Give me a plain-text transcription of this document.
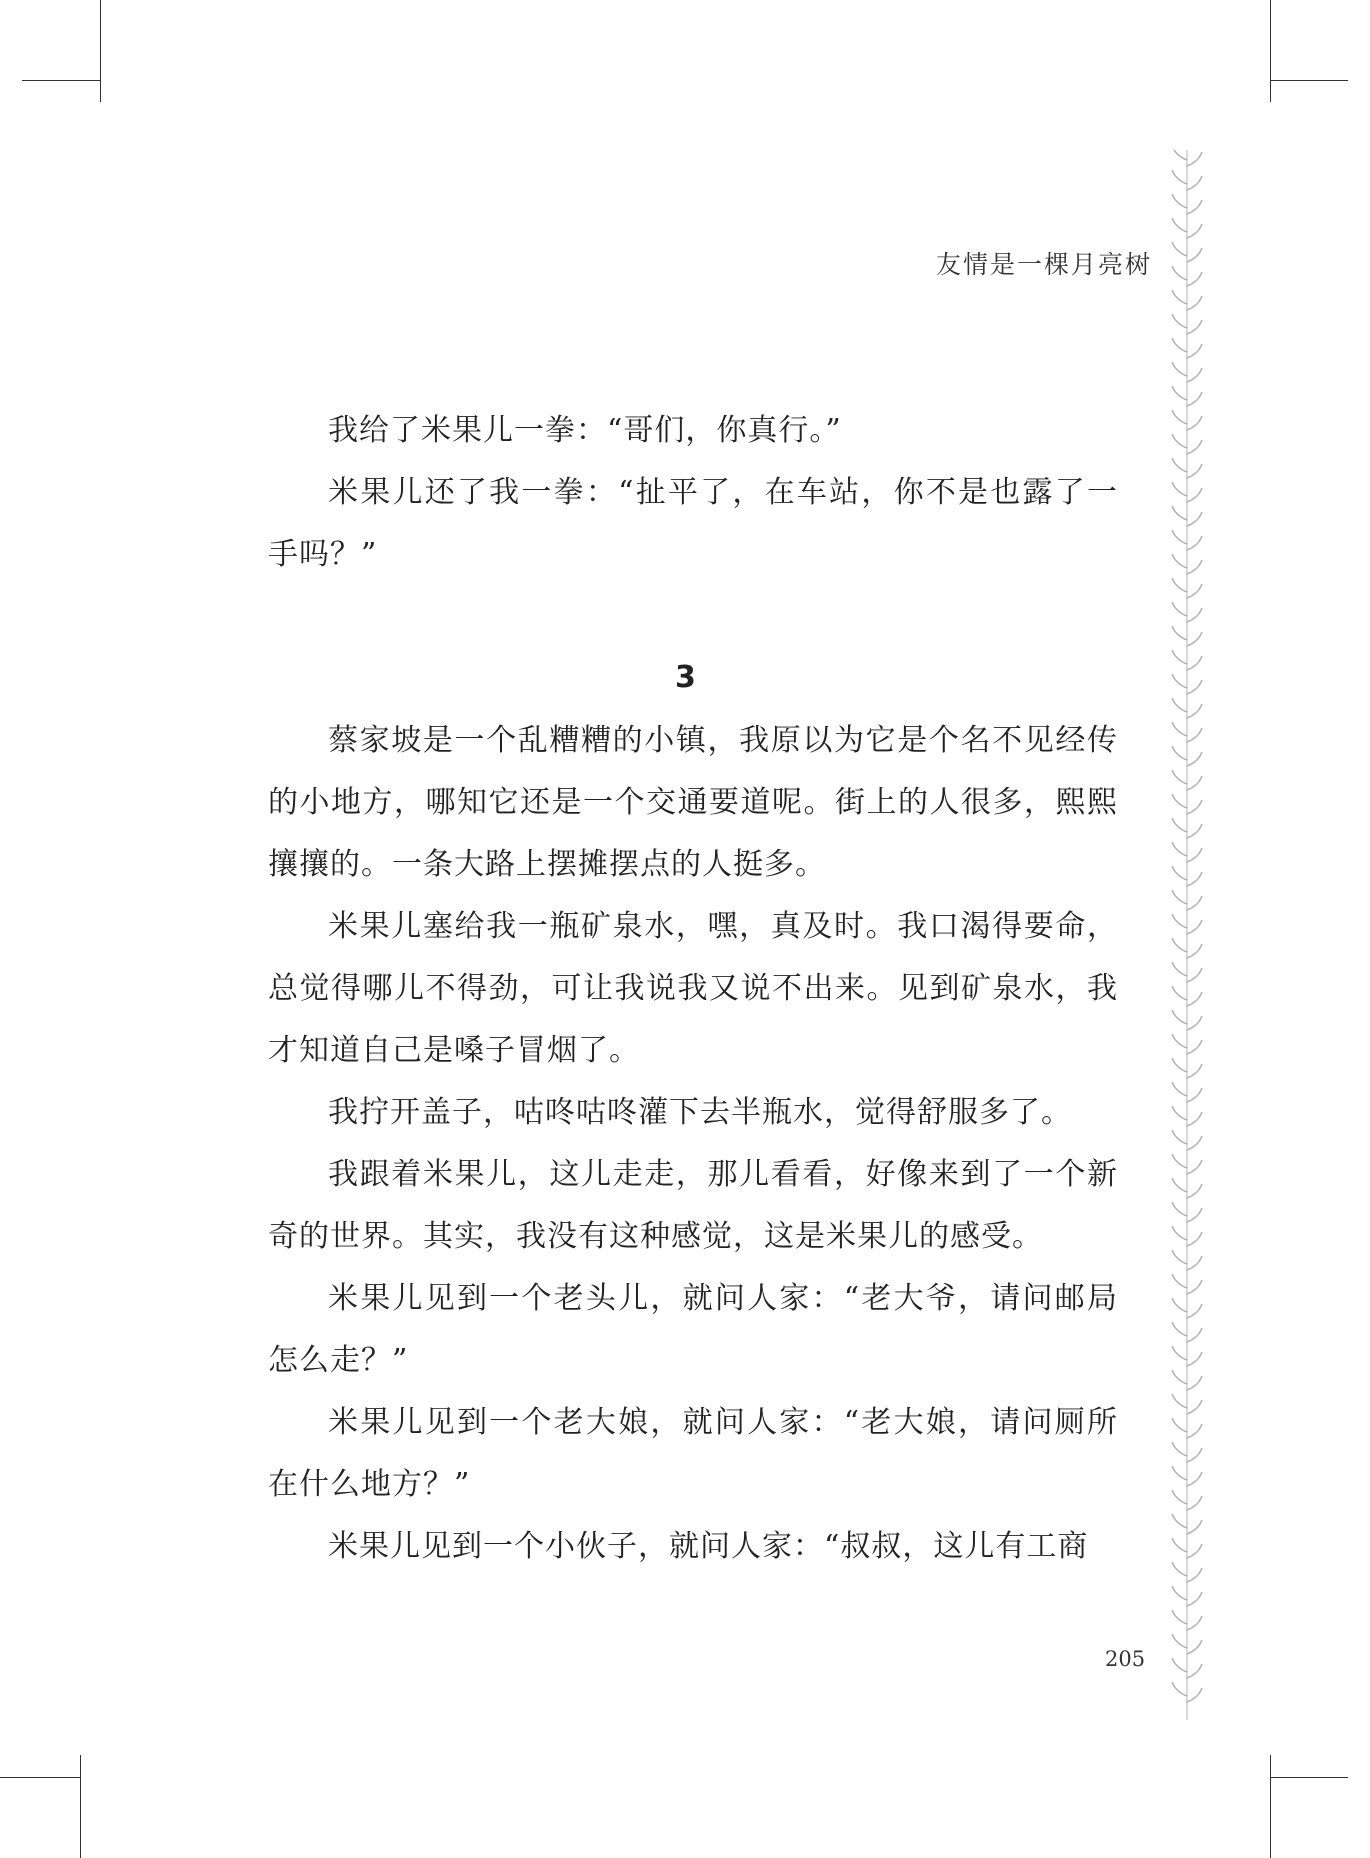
友情是一棵月亮树

我给了米果儿一拳：“哥们，你真行。”

米果儿还了我一拳：“扯平了，在车站，你不是也露了一手吗？”

3

蔡家坡是一个乱糟糟的小镇，我原以为它是个名不见经传的小地方，哪知它还是一个交通要道呢。街上的人很多，熙熙攘攘的。一条大路上摆摊摆点的人挺多。

米果儿塞给我一瓶矿泉水，嘿，真及时。我口渴得要命，总觉得哪儿不得劲，可让我说我又说不出来。见到矿泉水，我才知道自己是嗓子冒烟了。

我拧开盖子，咕咚咕咚灌下去半瓶水，觉得舒服多了。

我跟着米果儿，这儿走走，那儿看看，好像来到了一个新奇的世界。其实，我没有这种感觉，这是米果儿的感受。

米果儿见到一个老头儿，就问人家：“老大爷，请问邮局怎么走？”

米果儿见到一个老大娘，就问人家：“老大娘，请问厕所在什么地方？”

米果儿见到一个小伙子，就问人家：“叔叔，这儿有工商

205
